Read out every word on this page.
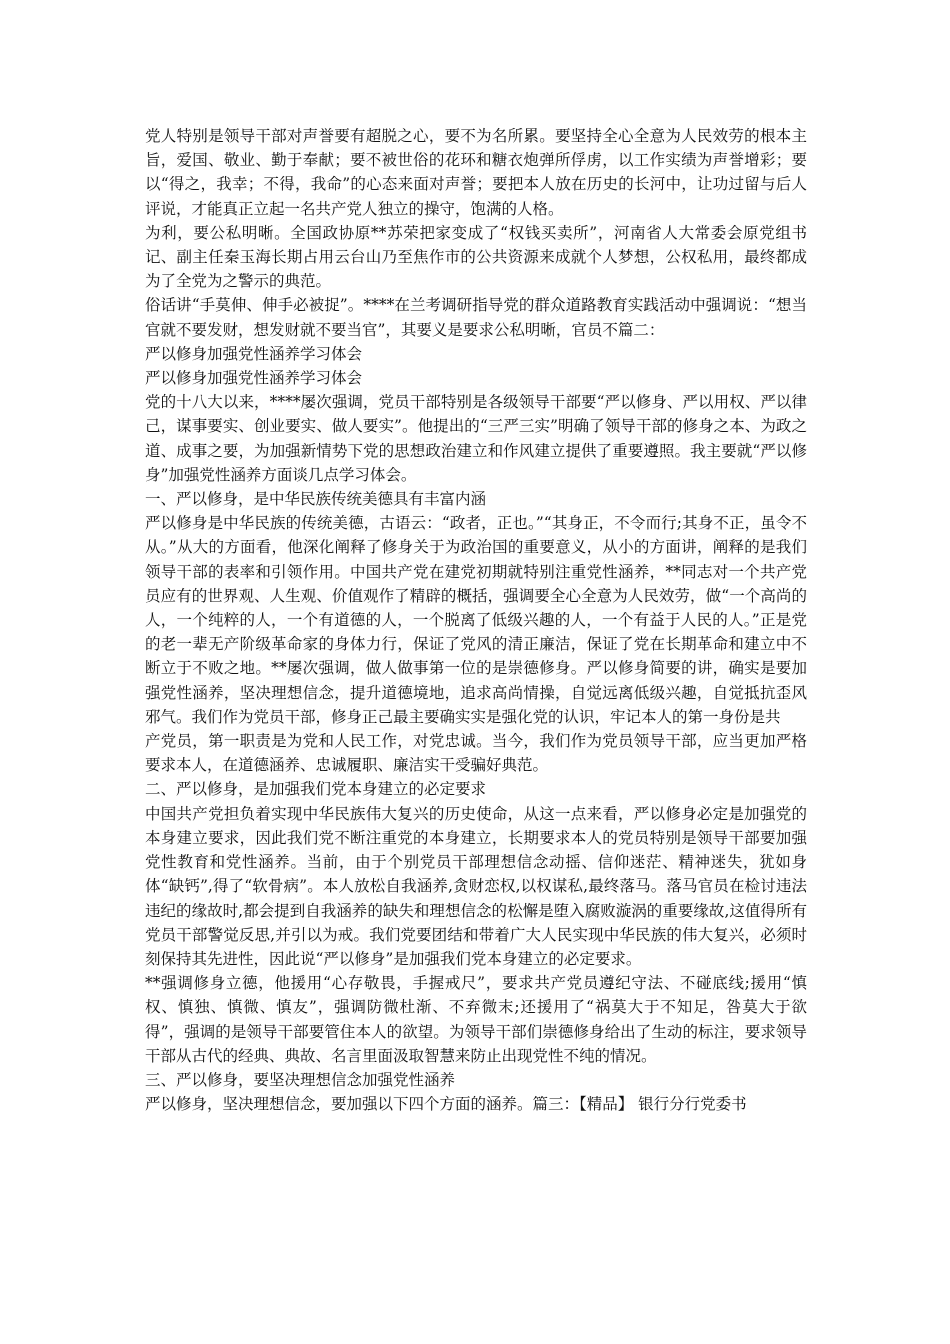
党人特别是领导干部对声誉要有超脱之心，要不为名所累。要坚持全心全意为人民效劳的根本主旨，爱国、敬业、勤于奉献；要不被世俗的花环和糖衣炮弹所俘虏，以工作实绩为声誉增彩；要以“得之，我幸；不得，我命”的心态来面对声誉；要把本人放在历史的长河中，让功过留与后人评说，才能真正立起一名共产党人独立的操守，饱满的人格。

为利，要公私明晰。全国政协原**苏荣把家变成了“权钱买卖所”，河南省人大常委会原党组书记、副主任秦玉海长期占用云台山乃至焦作市的公共资源来成就个人梦想，公权私用，最终都成为了全党为之警示的典范。

俗话讲“手莫伸、伸手必被捉”。****在兰考调研指导党的群众道路教育实践活动中强调说：“想当官就不要发财，想发财就不要当官”，其要义是要求公私明晰，官员不篇二：

严以修身加强党性涵养学习体会

严以修身加强党性涵养学习体会

党的十八大以来，****屡次强调，党员干部特别是各级领导干部要“严以修身、严以用权、严以律己，谋事要实、创业要实、做人要实”。他提出的“三严三实”明确了领导干部的修身之本、为政之道、成事之要，为加强新情势下党的思想政治建立和作风建立提供了重要遵照。我主要就“严以修身”加强党性涵养方面谈几点学习体会。

一、严以修身，是中华民族传统美德具有丰富内涵

严以修身是中华民族的传统美德，古语云：“政者，正也。”“其身正，不令而行;其身不正，虽令不从。”从大的方面看，他深化阐释了修身关于为政治国的重要意义，从小的方面讲，阐释的是我们领导干部的表率和引领作用。中国共产党在建党初期就特别注重党性涵养，**同志对一个共产党员应有的世界观、人生观、价值观作了精辟的概括，强调要全心全意为人民效劳，做“一个高尚的人，一个纯粹的人，一个有道德的人，一个脱离了低级兴趣的人，一个有益于人民的人。”正是党的老一辈无产阶级革命家的身体力行，保证了党风的清正廉洁，保证了党在长期革命和建立中不断立于不败之地。**屡次强调，做人做事第一位的是崇德修身。严以修身简要的讲，确实是要加强党性涵养，坚决理想信念，提升道德境地，追求高尚情操，自觉远离低级兴趣，自觉抵抗歪风邪气。我们作为党员干部，修身正己最主要确实实是强化党的认识，牢记本人的第一身份是共

产党员，第一职责是为党和人民工作，对党忠诚。当今，我们作为党员领导干部，应当更加严格要求本人，在道德涵养、忠诚履职、廉洁实干受骗好典范。

二、严以修身，是加强我们党本身建立的必定要求

中国共产党担负着实现中华民族伟大复兴的历史使命，从这一点来看，严以修身必定是加强党的本身建立要求，因此我们党不断注重党的本身建立，长期要求本人的党员特别是领导干部要加强党性教育和党性涵养。当前，由于个别党员干部理想信念动摇、信仰迷茫、精神迷失，犹如身体“缺钙”,得了“软骨病”。本人放松自我涵养,贪财恋权,以权谋私,最终落马。落马官员在检讨违法违纪的缘故时,都会提到自我涵养的缺失和理想信念的松懈是堕入腐败漩涡的重要缘故,这值得所有党员干部警觉反思,并引以为戒。我们党要团结和带着广大人民实现中华民族的伟大复兴，必须时刻保持其先进性，因此说“严以修身”是加强我们党本身建立的必定要求。

**强调修身立德，他援用“心存敬畏，手握戒尺”，要求共产党员遵纪守法、不碰底线;援用“慎权、慎独、慎微、慎友”，强调防微杜渐、不弃微末;还援用了“祸莫大于不知足，咎莫大于欲得”，强调的是领导干部要管住本人的欲望。为领导干部们崇德修身给出了生动的标注，要求领导干部从古代的经典、典故、名言里面汲取智慧来防止出现党性不纯的情况。

三、严以修身，要坚决理想信念加强党性涵养

严以修身，坚决理想信念，要加强以下四个方面的涵养。篇三：【精品】 银行分行党委书
